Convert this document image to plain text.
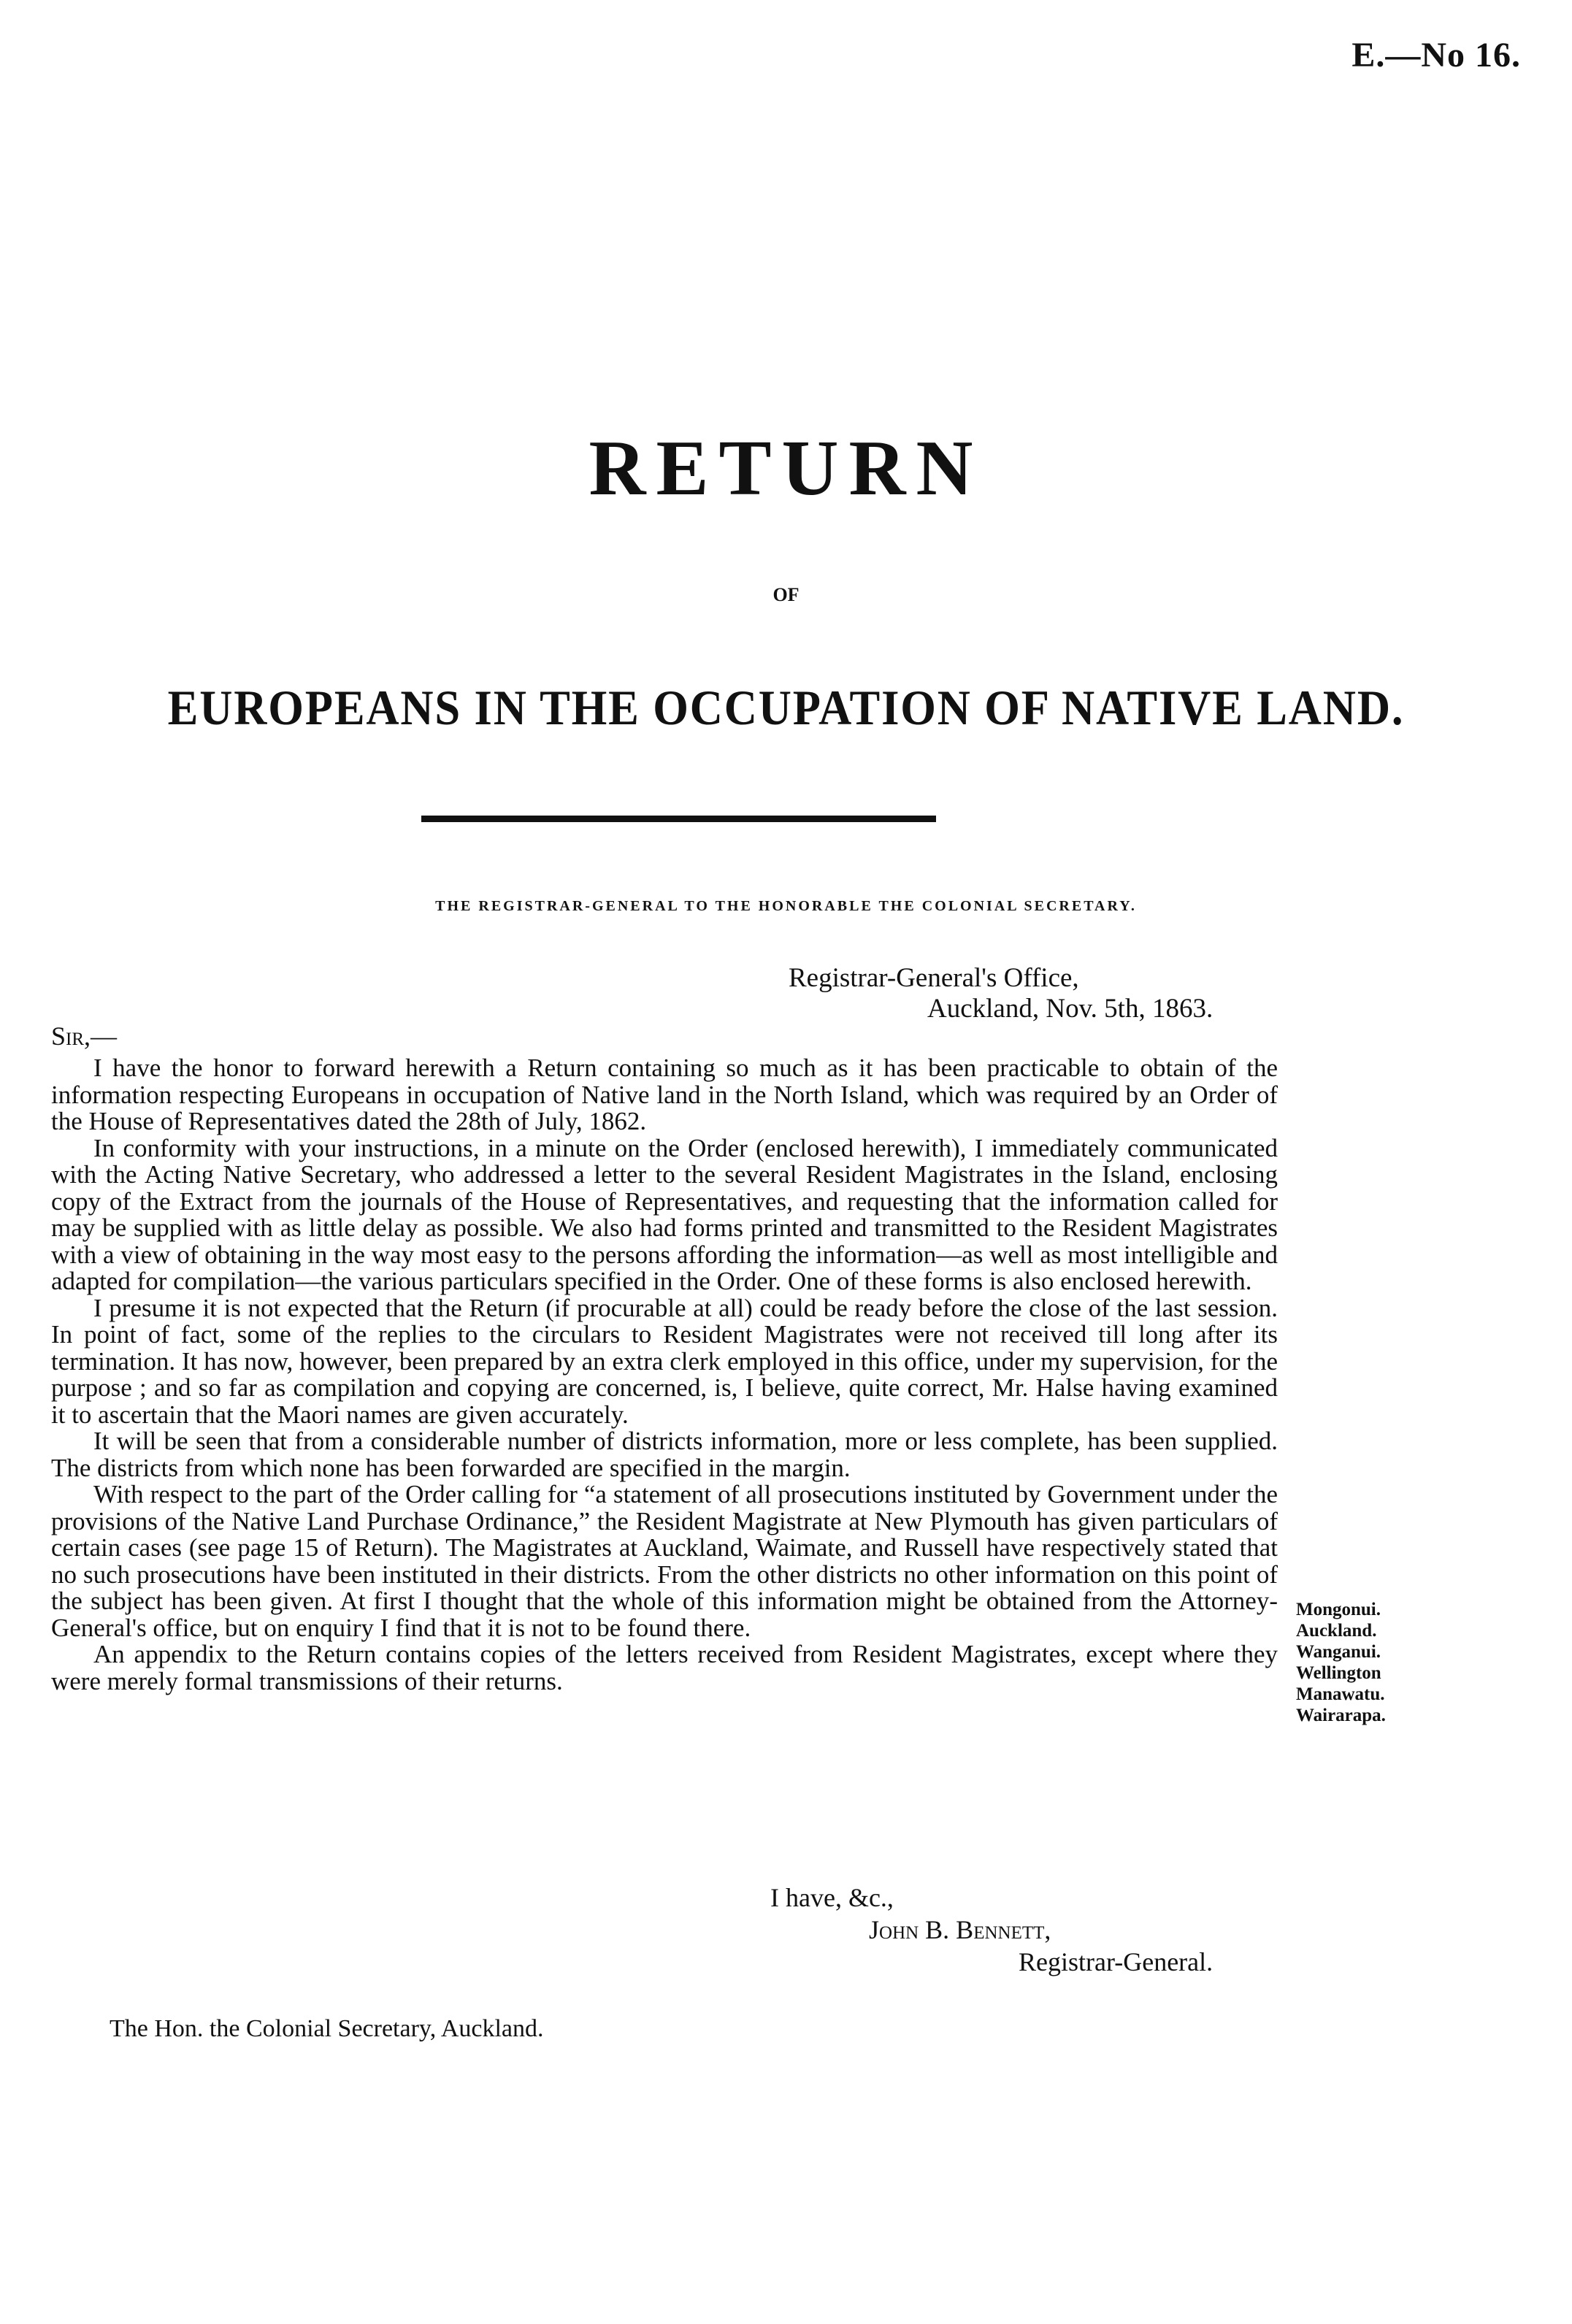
E.—No 16.
RETURN
OF
EUROPEANS IN THE OCCUPATION OF NATIVE LAND.
THE REGISTRAR-GENERAL TO THE HONORABLE THE COLONIAL SECRETARY.
Registrar-General's Office,
Auckland, Nov. 5th, 1863.
Sir,—

I have the honor to forward herewith a Return containing so much as it has been practicable to obtain of the information respecting Europeans in occupation of Native land in the North Island, which was required by an Order of the House of Representatives dated the 28th of July, 1862.

In conformity with your instructions, in a minute on the Order (enclosed herewith), I immediately communicated with the Acting Native Secretary, who addressed a letter to the several Resident Magistrates in the Island, enclosing copy of the Extract from the journals of the House of Representatives, and requesting that the information called for may be supplied with as little delay as possible. We also had forms printed and transmitted to the Resident Magistrates with a view of obtaining in the way most easy to the persons affording the information—as well as most intelligible and adapted for compilation—the various particulars specified in the Order. One of these forms is also enclosed herewith.

I presume it is not expected that the Return (if procurable at all) could be ready before the close of the last session. In point of fact, some of the replies to the circulars to Resident Magistrates were not received till long after its termination. It has now, however, been prepared by an extra clerk employed in this office, under my supervision, for the purpose ; and so far as compilation and copying are concerned, is, I believe, quite correct, Mr. Halse having examined it to ascertain that the Maori names are given accurately.

It will be seen that from a considerable number of districts information, more or less complete, has been supplied. The districts from which none has been forwarded are specified in the margin.

With respect to the part of the Order calling for “a statement of all prosecutions instituted by Government under the provisions of the Native Land Purchase Ordinance,” the Resident Magistrate at New Plymouth has given particulars of certain cases (see page 15 of Return). The Magistrates at Auckland, Waimate, and Russell have respectively stated that no such prosecutions have been instituted in their districts. From the other districts no other information on this point of the subject has been given. At first I thought that the whole of this information might be obtained from the Attorney-General's office, but on enquiry I find that it is not to be found there.

An appendix to the Return contains copies of the letters received from Resident Magistrates, except where they were merely formal transmissions of their returns.

Mongonui.
Auckland.
Wanganui.
Wellington
Manawatu.
Wairarapa.
I have, &c.,
John B. Bennett,
Registrar-General.
The Hon. the Colonial Secretary, Auckland.
